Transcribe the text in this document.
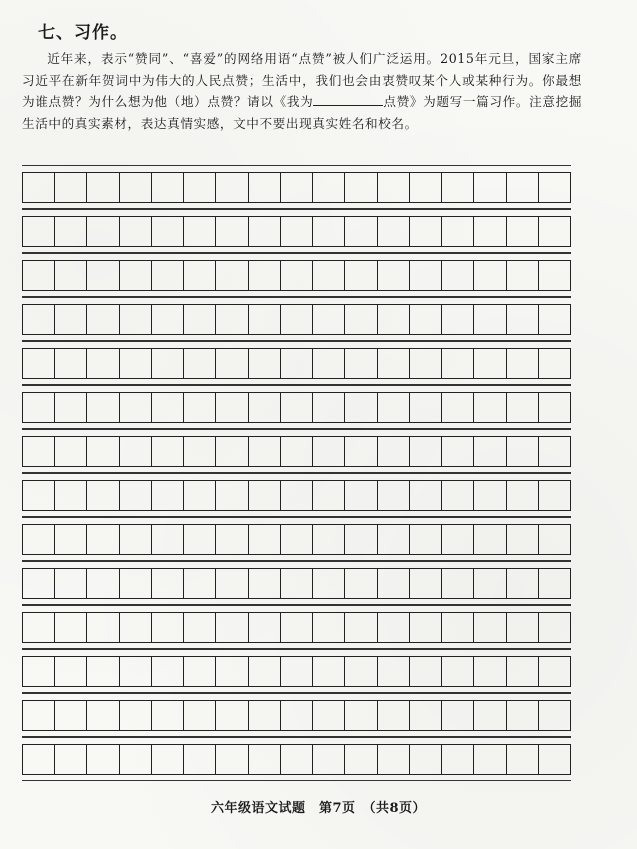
七、习作。

近年来，表示“赞同”、“喜爱”的网络用语“点赞”被人们广泛运用。2015年元旦，国家主席习近平在新年贺词中为伟大的人民点赞；生活中，我们也会由衷赞叹某个人或某种行为。你最想为谁点赞？为什么想为他（地）点赞？请以《我为	点赞》为题写一篇习作。注意挖掘生活中的真实素材，表达真情实感，文中不要出现真实姓名和校名。

六年级语文试题　第7页　（共8页）
